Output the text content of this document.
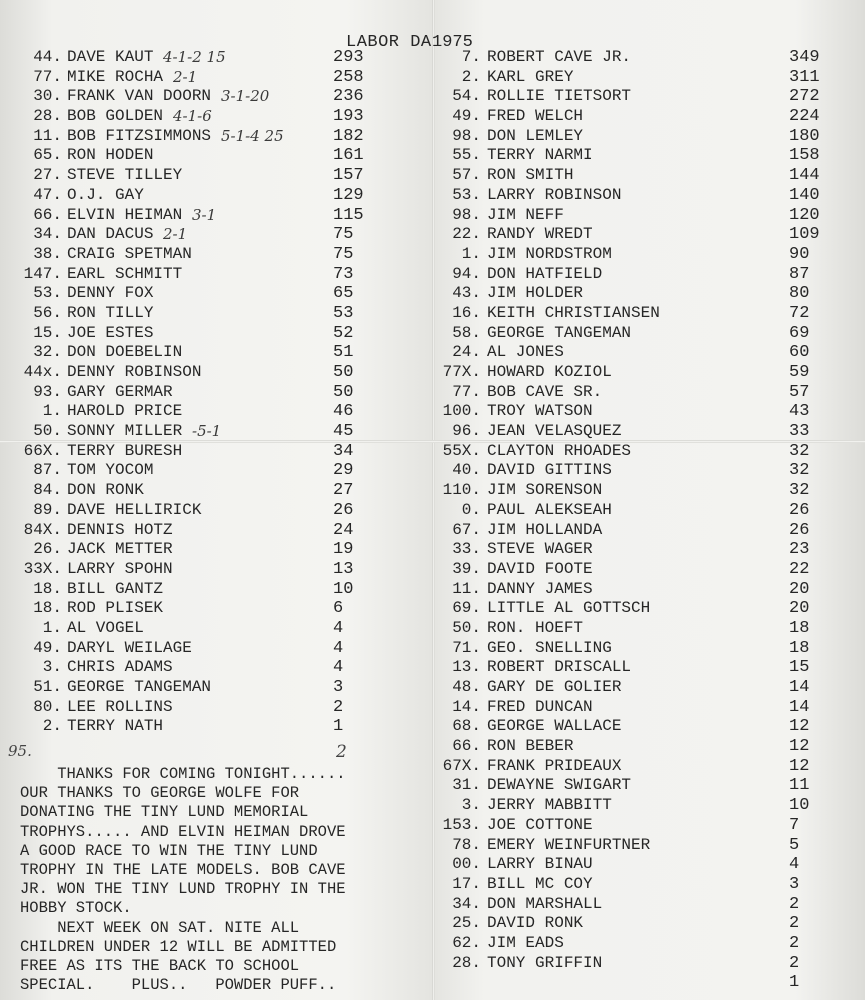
LABOR DA 1975
44. DAVE KAUT 4-1-2 15	293
77. MIKE ROCHA 2-1	258
30. FRANK VAN DOORN 3-1-20	236
28. BOB GOLDEN 4-1-6	193
11. BOB FITZSIMMONS 5-1-4 25	182
65. RON HODEN	161
27. STEVE TILLEY	157
47. O.J. GAY	129
66. ELVIN HEIMAN 3-1	115
34. DAN DACUS 2-1	75
38. CRAIG SPETMAN	75
147. EARL SCHMITT	73
53. DENNY FOX	65
56. RON TILLY	53
15. JOE ESTES	52
32. DON DOEBELIN	51
44x. DENNY ROBINSON	50
93. GARY GERMAR	50
1. HAROLD PRICE	46
50. SONNY MILLER -5-1	45
66X. TERRY BURESH	34
87. TOM YOCOM	29
84. DON RONK	27
89. DAVE HELLIRICK	26
84X. DENNIS HOTZ	24
26. JACK METTER	19
33X. LARRY SPOHN	13
18. BILL GANTZ	10
18. ROD PLISEK	6
1. AL VOGEL	4
49. DARYL WEILAGE	4
3. CHRIS ADAMS	4
51. GEORGE TANGEMAN	3
80. LEE ROLLINS	2
2. TERRY NATH	1
7. ROBERT CAVE JR.	349
2. KARL GREY	311
54. ROLLIE TIETSORT	272
49. FRED WELCH	224
98. DON LEMLEY	180
55. TERRY NARMI	158
57. RON SMITH	144
53. LARRY ROBINSON	140
98. JIM NEFF	120
22. RANDY WREDT	109
1. JIM NORDSTROM	90
94. DON HATFIELD	87
43. JIM HOLDER	80
16. KEITH CHRISTIANSEN	72
58. GEORGE TANGEMAN	69
24. AL JONES	60
77X. HOWARD KOZIOL	59
77. BOB CAVE SR.	57
100. TROY WATSON	43
96. JEAN VELASQUEZ	33
55X. CLAYTON RHOADES	32
40. DAVID GITTINS	32
110. JIM SORENSON	32
0. PAUL ALEKSEAH	26
67. JIM HOLLANDA	26
33. STEVE WAGER	23
39. DAVID FOOTE	22
11. DANNY JAMES	20
69. LITTLE AL GOTTSCH	20
50. RON. HOEFT	18
71. GEO. SNELLING	18
13. ROBERT DRISCALL	15
48. GARY DE GOLIER	14
14. FRED DUNCAN	14
68. GEORGE WALLACE	12
66. RON BEBER	12
67X. FRANK PRIDEAUX	12
31. DEWAYNE SWIGART	11
3. JERRY MABBITT	10
153. JOE COTTONE	7
78. EMERY WEINFURTNER	5
00. LARRY BINAU	4
17. BILL MC COY	3
34. DON MARSHALL	2
25. DAVID RONK	2
62. JIM EADS	2
28. TONY GRIFFIN	2
1
95.	2
THANKS FOR COMING TONIGHT......
OUR THANKS TO GEORGE WOLFE FOR
DONATING THE TINY LUND MEMORIAL
TROPHYS..... AND ELVIN HEIMAN DROVE
A GOOD RACE TO WIN THE TINY LUND
TROPHY IN THE LATE MODELS. BOB CAVE
JR. WON THE TINY LUND TROPHY IN THE
HOBBY STOCK.
NEXT WEEK ON SAT. NITE ALL
CHILDREN UNDER 12 WILL BE ADMITTED
FREE AS ITS THE BACK TO SCHOOL
SPECIAL.    PLUS..   POWDER PUFF..
